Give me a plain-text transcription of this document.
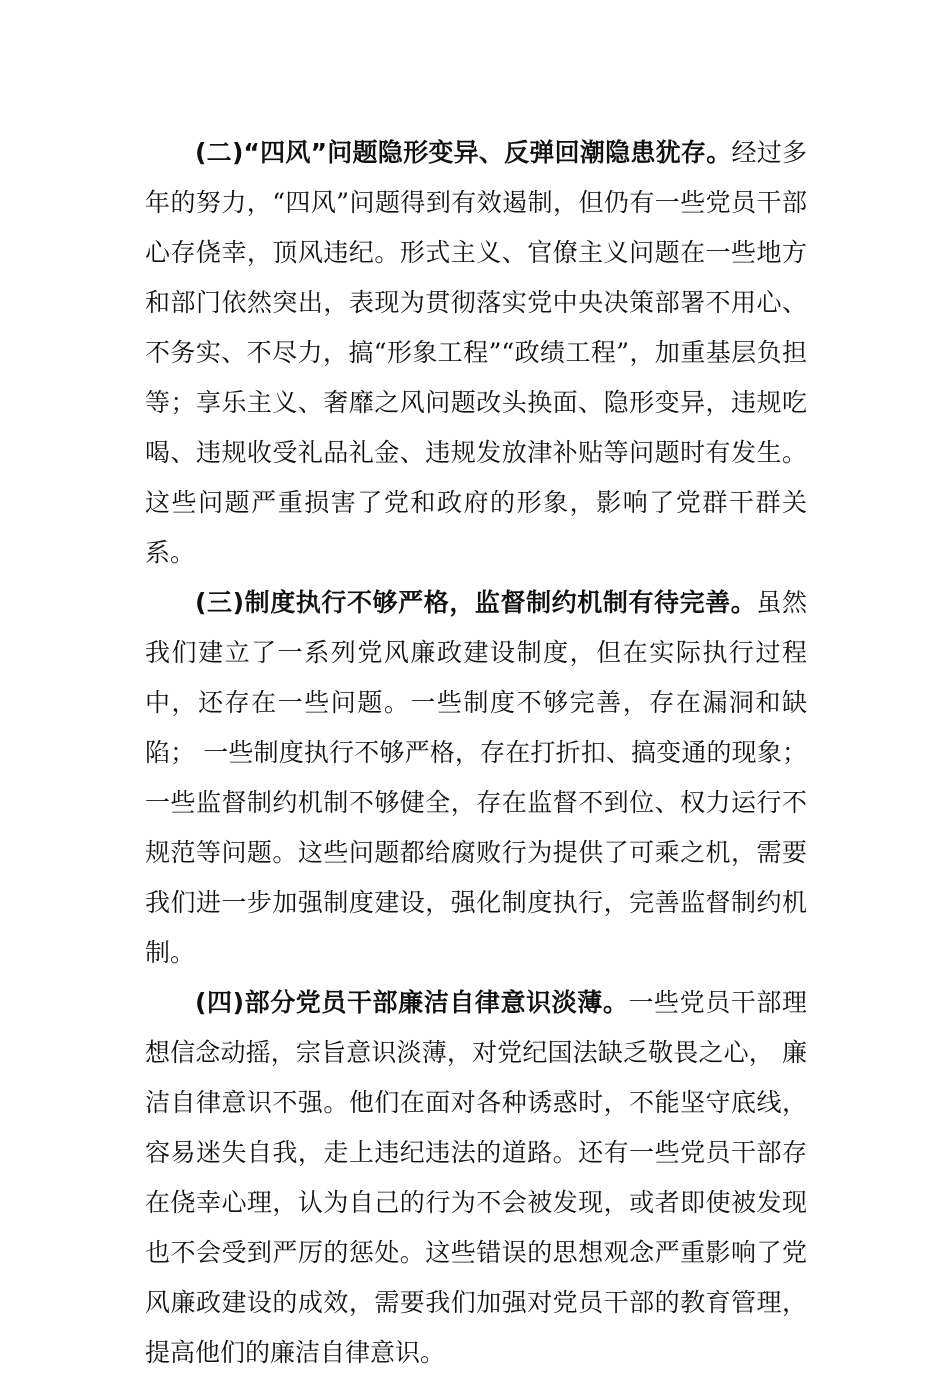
(二)“四风”问题隐形变异、反弹回潮隐患犹存。经过多年的努力，“四风”问题得到有效遏制，但仍有一些党员干部心存侥幸，顶风违纪。形式主义、官僚主义问题在一些地方和部门依然突出，表现为贯彻落实党中央决策部署不用心、不务实、不尽力，搞“形象工程”“政绩工程”，加重基层负担等；享乐主义、奢靡之风问题改头换面、隐形变异，违规吃喝、违规收受礼品礼金、违规发放津补贴等问题时有发生。这些问题严重损害了党和政府的形象，影响了党群干群关系。

(三)制度执行不够严格，监督制约机制有待完善。虽然我们建立了一系列党风廉政建设制度，但在实际执行过程中，还存在一些问题。一些制度不够完善，存在漏洞和缺陷； 一些制度执行不够严格，存在打折扣、搞变通的现象；一些监督制约机制不够健全，存在监督不到位、权力运行不规范等问题。这些问题都给腐败行为提供了可乘之机，需要我们进一步加强制度建设，强化制度执行，完善监督制约机制。

(四)部分党员干部廉洁自律意识淡薄。一些党员干部理想信念动摇，宗旨意识淡薄，对党纪国法缺乏敬畏之心， 廉洁自律意识不强。他们在面对各种诱惑时，不能坚守底线， 容易迷失自我，走上违纪违法的道路。还有一些党员干部存在侥幸心理，认为自己的行为不会被发现，或者即使被发现也不会受到严厉的惩处。这些错误的思想观念严重影响了党风廉政建设的成效，需要我们加强对党员干部的教育管理， 提高他们的廉洁自律意识。
